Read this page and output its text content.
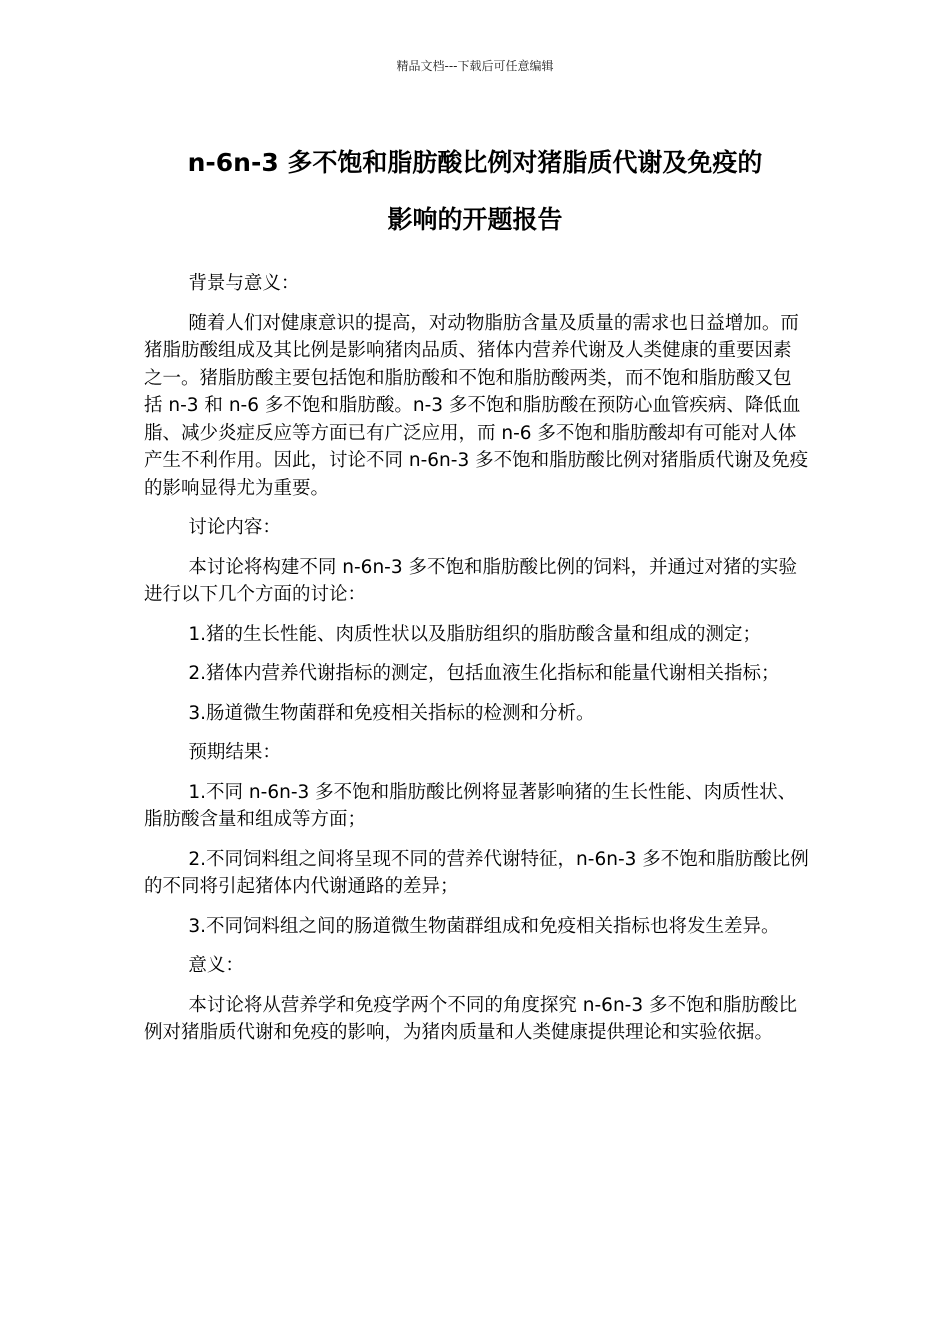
精品文档---下载后可任意编辑
n-6n-3 多不饱和脂肪酸比例对猪脂质代谢及免疫的
影响的开题报告

背景与意义：

随着人们对健康意识的提高，对动物脂肪含量及质量的需求也日益增加。而猪脂肪酸组成及其比例是影响猪肉品质、猪体内营养代谢及人类健康的重要因素之一。猪脂肪酸主要包括饱和脂肪酸和不饱和脂肪酸两类，而不饱和脂肪酸又包括 n-3 和 n-6 多不饱和脂肪酸。n-3 多不饱和脂肪酸在预防心血管疾病、降低血脂、减少炎症反应等方面已有广泛应用，而 n-6 多不饱和脂肪酸却有可能对人体产生不利作用。因此，讨论不同 n-6n-3 多不饱和脂肪酸比例对猪脂质代谢及免疫的影响显得尤为重要。

讨论内容：

本讨论将构建不同 n-6n-3 多不饱和脂肪酸比例的饲料，并通过对猪的实验进行以下几个方面的讨论：

1.猪的生长性能、肉质性状以及脂肪组织的脂肪酸含量和组成的测定；

2.猪体内营养代谢指标的测定，包括血液生化指标和能量代谢相关指标；

3.肠道微生物菌群和免疫相关指标的检测和分析。

预期结果：

1.不同 n-6n-3 多不饱和脂肪酸比例将显著影响猪的生长性能、肉质性状、脂肪酸含量和组成等方面；

2.不同饲料组之间将呈现不同的营养代谢特征，n-6n-3 多不饱和脂肪酸比例的不同将引起猪体内代谢通路的差异；

3.不同饲料组之间的肠道微生物菌群组成和免疫相关指标也将发生差异。

意义：

本讨论将从营养学和免疫学两个不同的角度探究 n-6n-3 多不饱和脂肪酸比例对猪脂质代谢和免疫的影响，为猪肉质量和人类健康提供理论和实验依据。
